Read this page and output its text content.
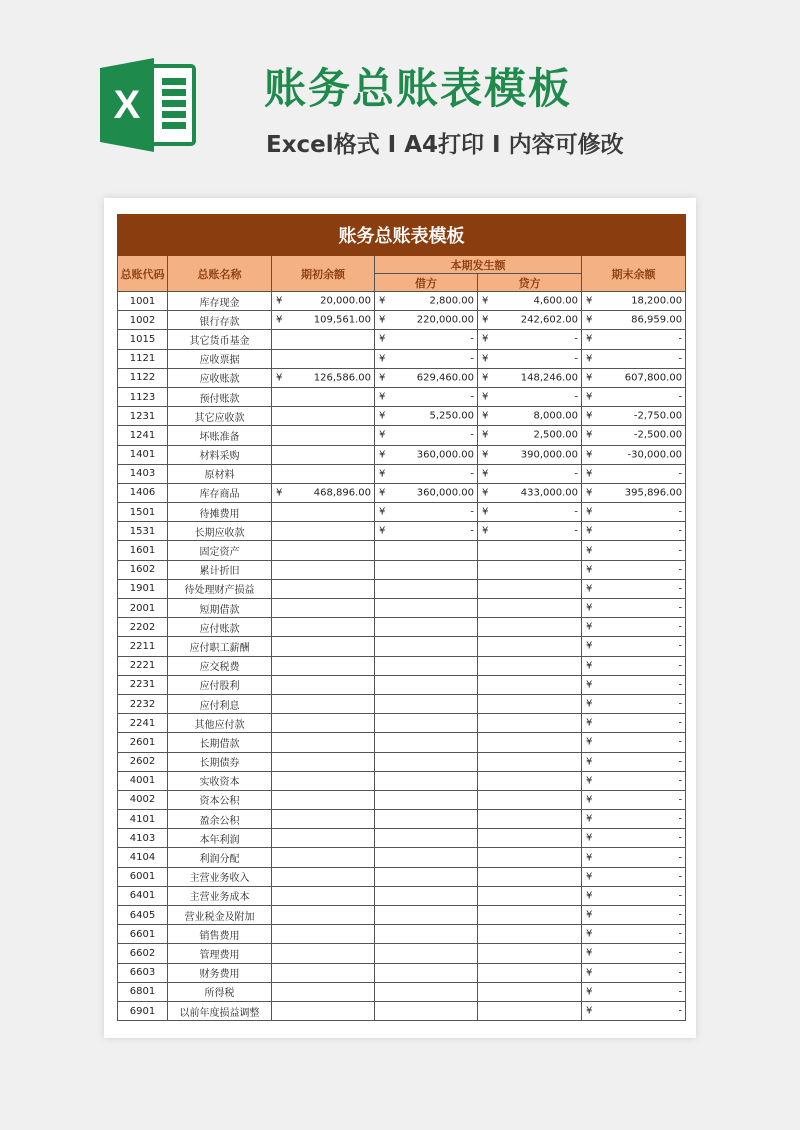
X	账务总账表模板
Excel格式 I A4打印 I 内容可修改
账务总账表模板					
总账代码	总账名称	期初余额	本期发生额		期末余额
			借方	贷方	
1001	库存现金	¥ 20,000.00	¥ 2,800.00	¥ 4,600.00	¥ 18,200.00

1002	银行存款	¥ 109,561.00	¥ 220,000.00	¥ 242,602.00	¥ 86,959.00

1015	其它货币基金		¥ -	¥ -	¥ -

1121	应收票据		¥ -	¥ -	¥ -

1122	应收账款	¥ 126,586.00	¥ 629,460.00	¥ 148,246.00	¥ 607,800.00

1123	预付账款		¥ -	¥ -	¥ -

1231	其它应收款		¥ 5,250.00	¥ 8,000.00	¥ -2,750.00

1241	坏账准备		¥ -	¥ 2,500.00	¥ -2,500.00

1401	材料采购		¥ 360,000.00	¥ 390,000.00	¥ -30,000.00

1403	原材料		¥ -	¥ -	¥ -

1406	库存商品	¥ 468,896.00	¥ 360,000.00	¥ 433,000.00	¥ 395,896.00

1501	待摊费用		¥ -	¥ -	¥ -

1531	长期应收款		¥ -	¥ -	¥ -

1601	固定资产				¥ -

1602	累计折旧				¥ -

1901	待处理财产损益				¥ -

2001	短期借款				¥ -

2202	应付账款				¥ -

2211	应付职工薪酬				¥ -

2221	应交税费				¥ -

2231	应付股利				¥ -

2232	应付利息				¥ -

2241	其他应付款				¥ -

2601	长期借款				¥ -

2602	长期债券				¥ -

4001	实收资本				¥ -

4002	资本公积				¥ -

4101	盈余公积				¥ -

4103	本年利润				¥ -

4104	利润分配				¥ -

6001	主营业务收入				¥ -

6401	主营业务成本				¥ -

6405	营业税金及附加				¥ -

6601	销售费用				¥ -

6602	管理费用				¥ -

6603	财务费用				¥ -

6801	所得税				¥ -

6901	以前年度损益调整				¥ -
